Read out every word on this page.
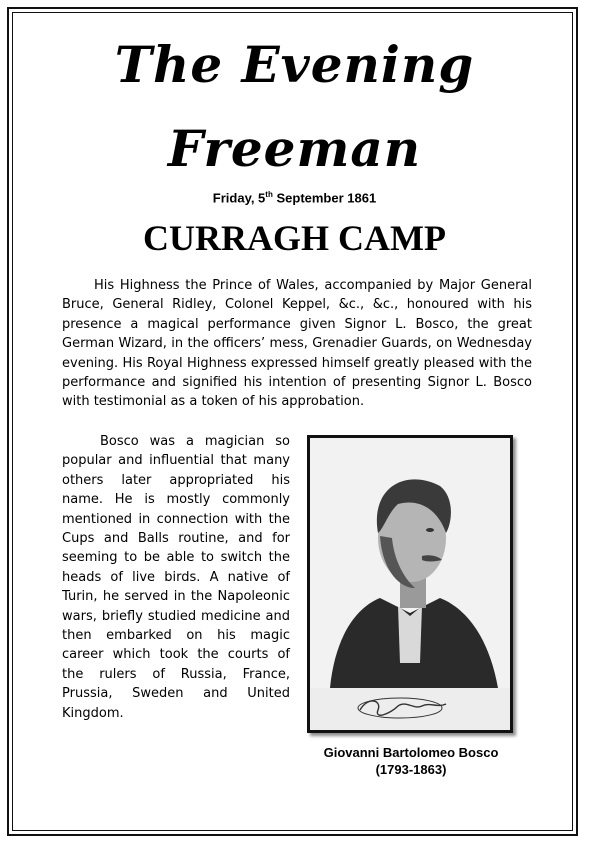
The Evening
Freeman
Friday, 5th September 1861
CURRAGH CAMP

His Highness the Prince of Wales, accompanied by Major General Bruce, General Ridley, Colonel Keppel, &c., &c., honoured with his presence a magical performance given Signor L. Bosco, the great German Wizard, in the officers’ mess, Grenadier Guards, on Wednesday evening. His Royal Highness expressed himself greatly pleased with the performance and signified his intention of presenting Signor L. Bosco with testimonial as a token of his approbation.

Bosco was a magician so popular and influential that many others later appropriated his name. He is mostly commonly mentioned in connection with the Cups and Balls routine, and for seeming to be able to switch the heads of live birds. A native of Turin, he served in the Napoleonic wars, briefly studied medicine and then embarked on his magic career which took the courts of the rulers of Russia, France, Prussia, Sweden and United Kingdom.

Giovanni Bartolomeo Bosco
(1793-1863)
